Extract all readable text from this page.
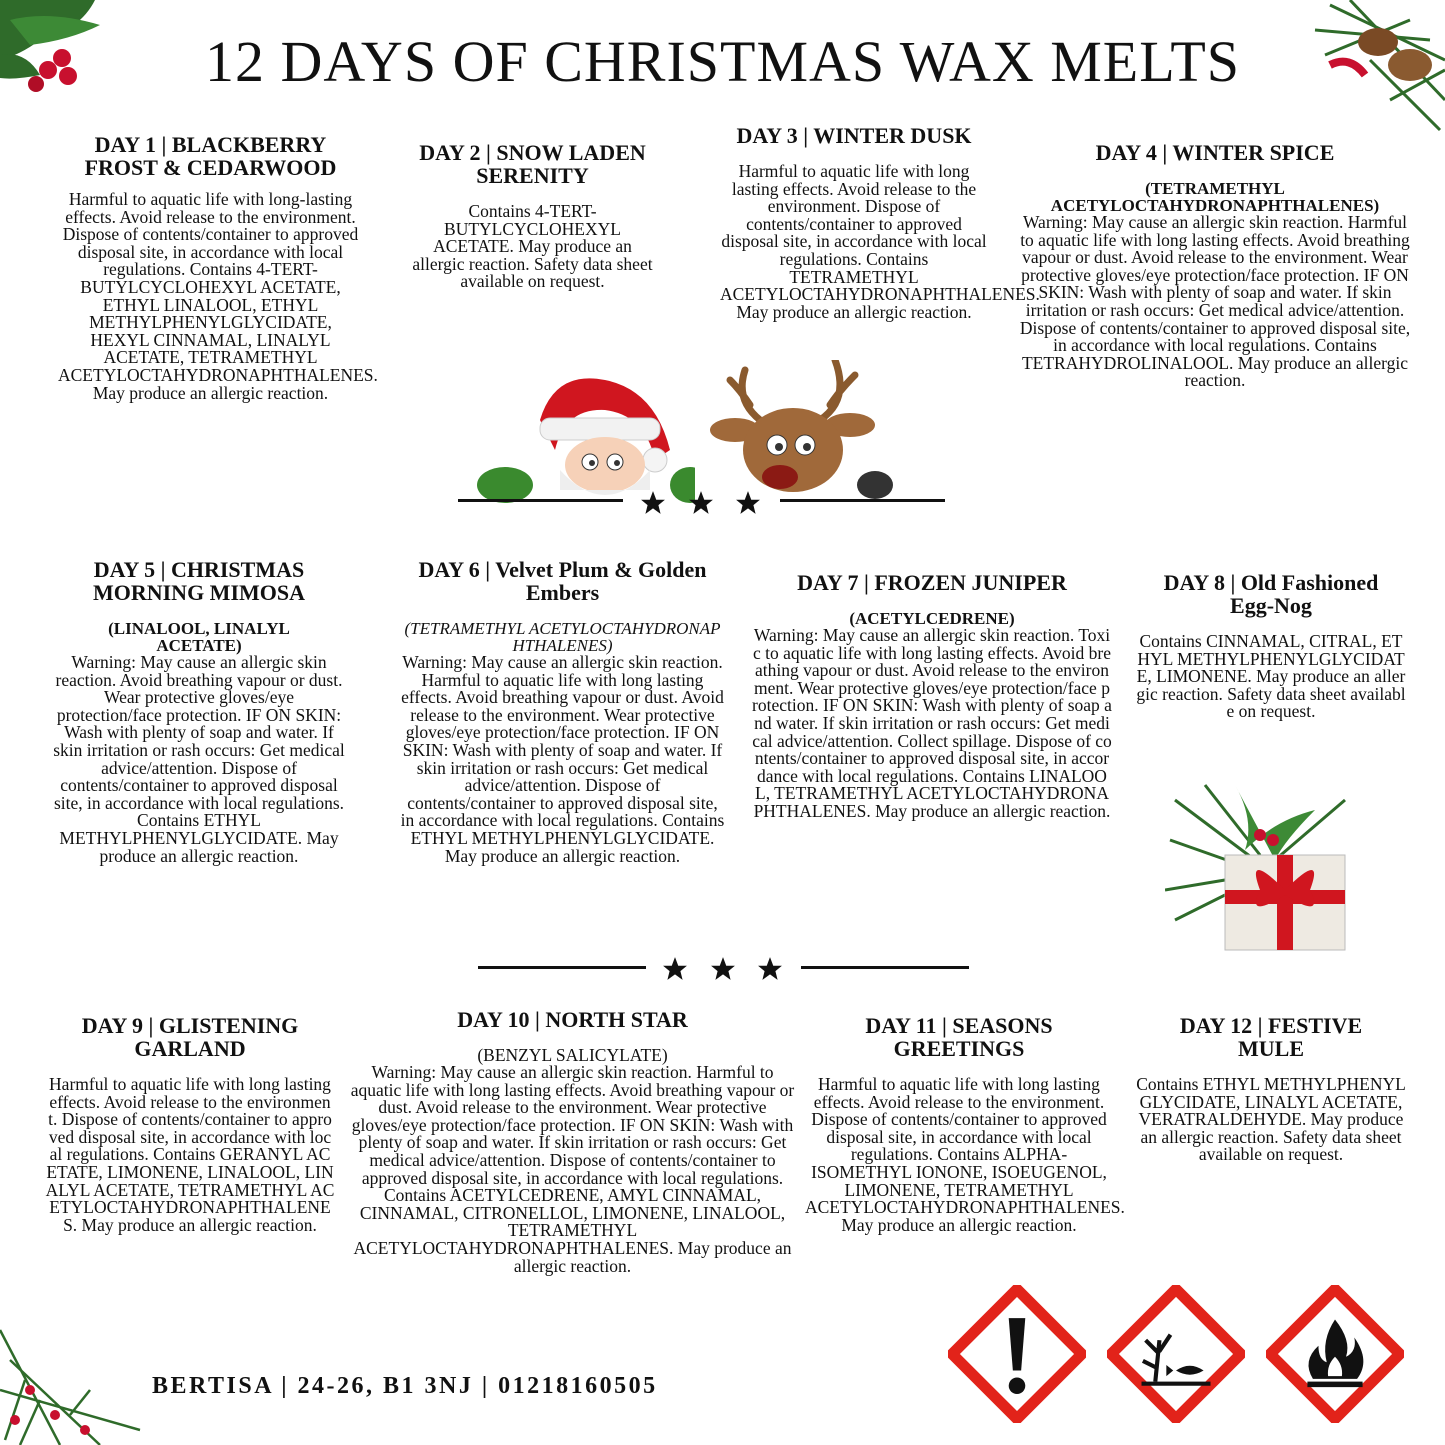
12 DAYS OF CHRISTMAS WAX MELTS
DAY 1 | BLACKBERRY FROST & CEDARWOOD

Harmful to aquatic life with long-lasting effects. Avoid release to the environment. Dispose of contents/container to approved disposal site, in accordance with local regulations. Contains 4-TERT- BUTYLCYCLOHEXYL ACETATE, ETHYL LINALOOL, ETHYL METHYLPHENYLGLYCIDATE, HEXYL CINNAMAL, LINALYL ACETATE, TETRAMETHYL ACETYLOCTAHYDRONAPHTHALENES. May produce an allergic reaction.

DAY 2 | SNOW LADEN SERENITY

Contains 4-TERT-BUTYLCYCLOHEXYL ACETATE. May produce an allergic reaction. Safety data sheet available on request.

DAY 3 | WINTER DUSK

Harmful to aquatic life with long lasting effects. Avoid release to the environment. Dispose of contents/container to approved disposal site, in accordance with local regulations. Contains TETRAMETHYL ACETYLOCTAHYDRONAPHTHALENES. May produce an allergic reaction.

DAY 4 | WINTER SPICE

(TETRAMETHYL ACETYLOCTAHYDRONAPHTHALENES)

Warning: May cause an allergic skin reaction. Harmful to aquatic life with long lasting effects. Avoid breathing vapour or dust. Avoid release to the environment. Wear protective gloves/eye protection/face protection. IF ON SKIN: Wash with plenty of soap and water. If skin irritation or rash occurs: Get medical advice/attention. Dispose of contents/container to approved disposal site, in accordance with local regulations. Contains TETRAHYDROLINALOOL. May produce an allergic reaction.

DAY 5 | CHRISTMAS MORNING MIMOSA

(LINALOOL, LINALYL ACETATE)

Warning: May cause an allergic skin reaction. Avoid breathing vapour or dust. Wear protective gloves/eye protection/face protection. IF ON SKIN: Wash with plenty of soap and water. If skin irritation or rash occurs: Get medical advice/attention. Dispose of contents/container to approved disposal site, in accordance with local regulations. Contains ETHYL METHYLPHENYLGLYCIDATE. May produce an allergic reaction.

DAY 6 | Velvet Plum & Golden Embers

(TETRAMETHYL ACETYLOCTAHYDRONAPHTHALENES)

Warning: May cause an allergic skin reaction. Harmful to aquatic life with long lasting effects. Avoid breathing vapour or dust. Avoid release to the environment. Wear protective gloves/eye protection/face protection. IF ON SKIN: Wash with plenty of soap and water. If skin irritation or rash occurs: Get medical advice/attention. Dispose of contents/container to approved disposal site, in accordance with local regulations. Contains ETHYL METHYLPHENYLGLYCIDATE. May produce an allergic reaction.

DAY 7 | FROZEN JUNIPER

(ACETYLCEDRENE)

Warning: May cause an allergic skin reaction. Toxic to aquatic life with long lasting effects. Avoid breathing vapour or dust. Avoid release to the environment. Wear protective gloves/eye protection/face protection. IF ON SKIN: Wash with plenty of soap and water. If skin irritation or rash occurs: Get medical advice/attention. Collect spillage. Dispose of contents/container to approved disposal site, in accordance with local regulations. Contains LINALOOL, TETRAMETHYL ACETYLOCTAHYDRONAPHTHALENES. May produce an allergic reaction.

DAY 8 | Old Fashioned Egg-Nog

Contains CINNAMAL, CITRAL, ETHYL METHYLPHENYLGLYCIDATE, LIMONENE. May produce an allergic reaction. Safety data sheet available on request.

DAY 9 | GLISTENING GARLAND

Harmful to aquatic life with long lasting effects. Avoid release to the environment. Dispose of contents/container to approved disposal site, in accordance with local regulations. Contains GERANYL ACETATE, LIMONENE, LINALOOL, LINALYL ACETATE, TETRAMETHYL ACETYLOCTAHYDRONAPHTHALENES. May produce an allergic reaction.

DAY 10 | NORTH STAR

(BENZYL SALICYLATE)

Warning: May cause an allergic skin reaction. Harmful to aquatic life with long lasting effects. Avoid breathing vapour or dust. Avoid release to the environment. Wear protective gloves/eye protection/face protection. IF ON SKIN: Wash with plenty of soap and water. If skin irritation or rash occurs: Get medical advice/attention. Dispose of contents/container to approved disposal site, in accordance with local regulations. Contains ACETYLCEDRENE, AMYL CINNAMAL, CINNAMAL, CITRONELLOL, LIMONENE, LINALOOL, TETRAMETHYL ACETYLOCTAHYDRONAPHTHALENES. May produce an allergic reaction.

DAY 11 | SEASONS GREETINGS

Harmful to aquatic life with long lasting effects. Avoid release to the environment. Dispose of contents/container to approved disposal site, in accordance with local regulations. Contains ALPHA-ISOMETHYL IONONE, ISOEUGENOL, LIMONENE, TETRAMETHYL ACETYLOCTAHYDRONAPHTHALENES. May produce an allergic reaction.

DAY 12 | FESTIVE MULE

Contains ETHYL METHYLPHENYLGLYCIDATE, LINALYL ACETATE, VERATRALDEHYDE. May produce an allergic reaction. Safety data sheet available on request.

BERTISA | 24-26, B1 3NJ | 01218160505
